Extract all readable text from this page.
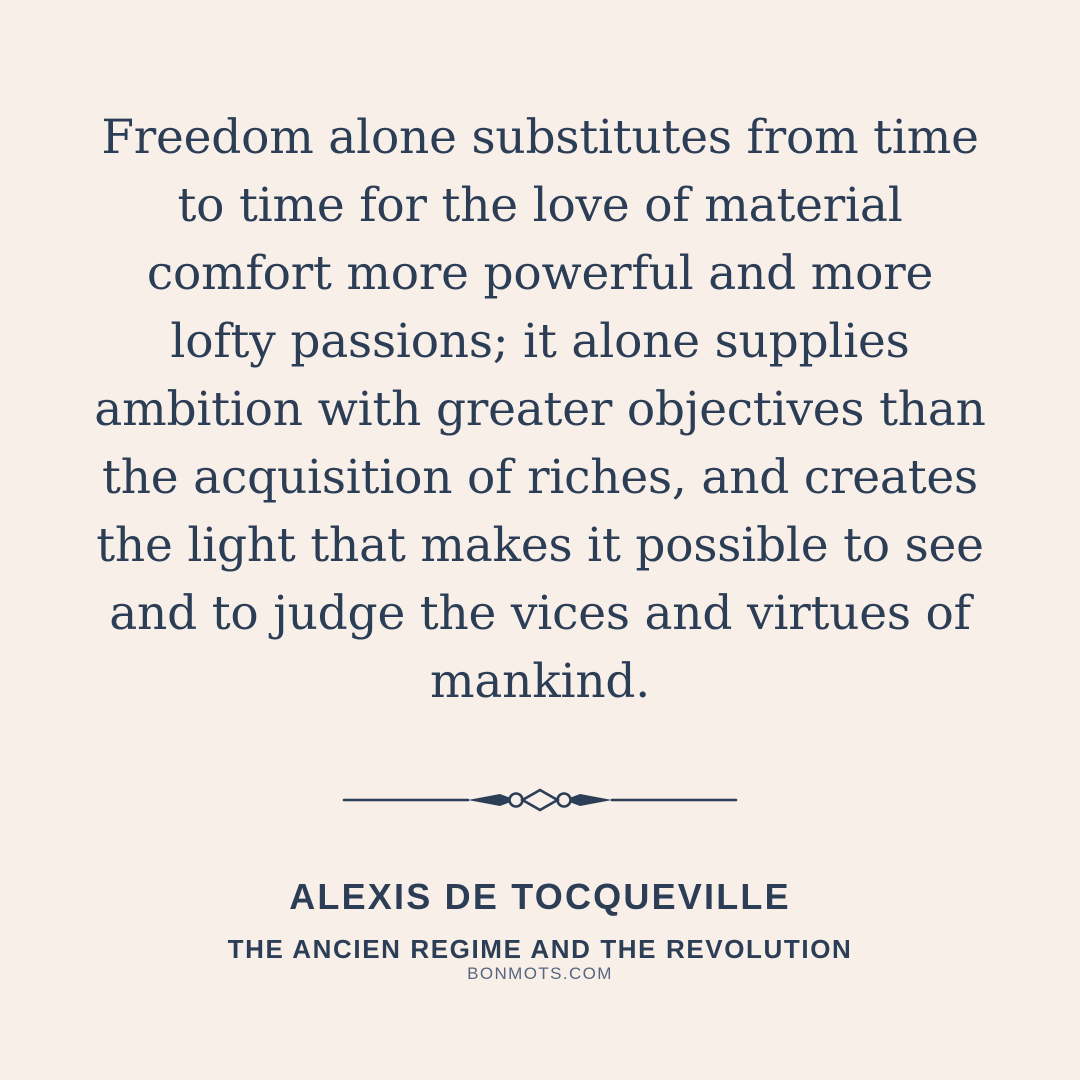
Freedom alone substitutes from time to time for the love of material comfort more powerful and more lofty passions; it alone supplies ambition with greater objectives than the acquisition of riches, and creates the light that makes it possible to see and to judge the vices and virtues of mankind.

ALEXIS DE TOCQUEVILLE

THE ANCIEN REGIME AND THE REVOLUTION

BONMOTS.COM
